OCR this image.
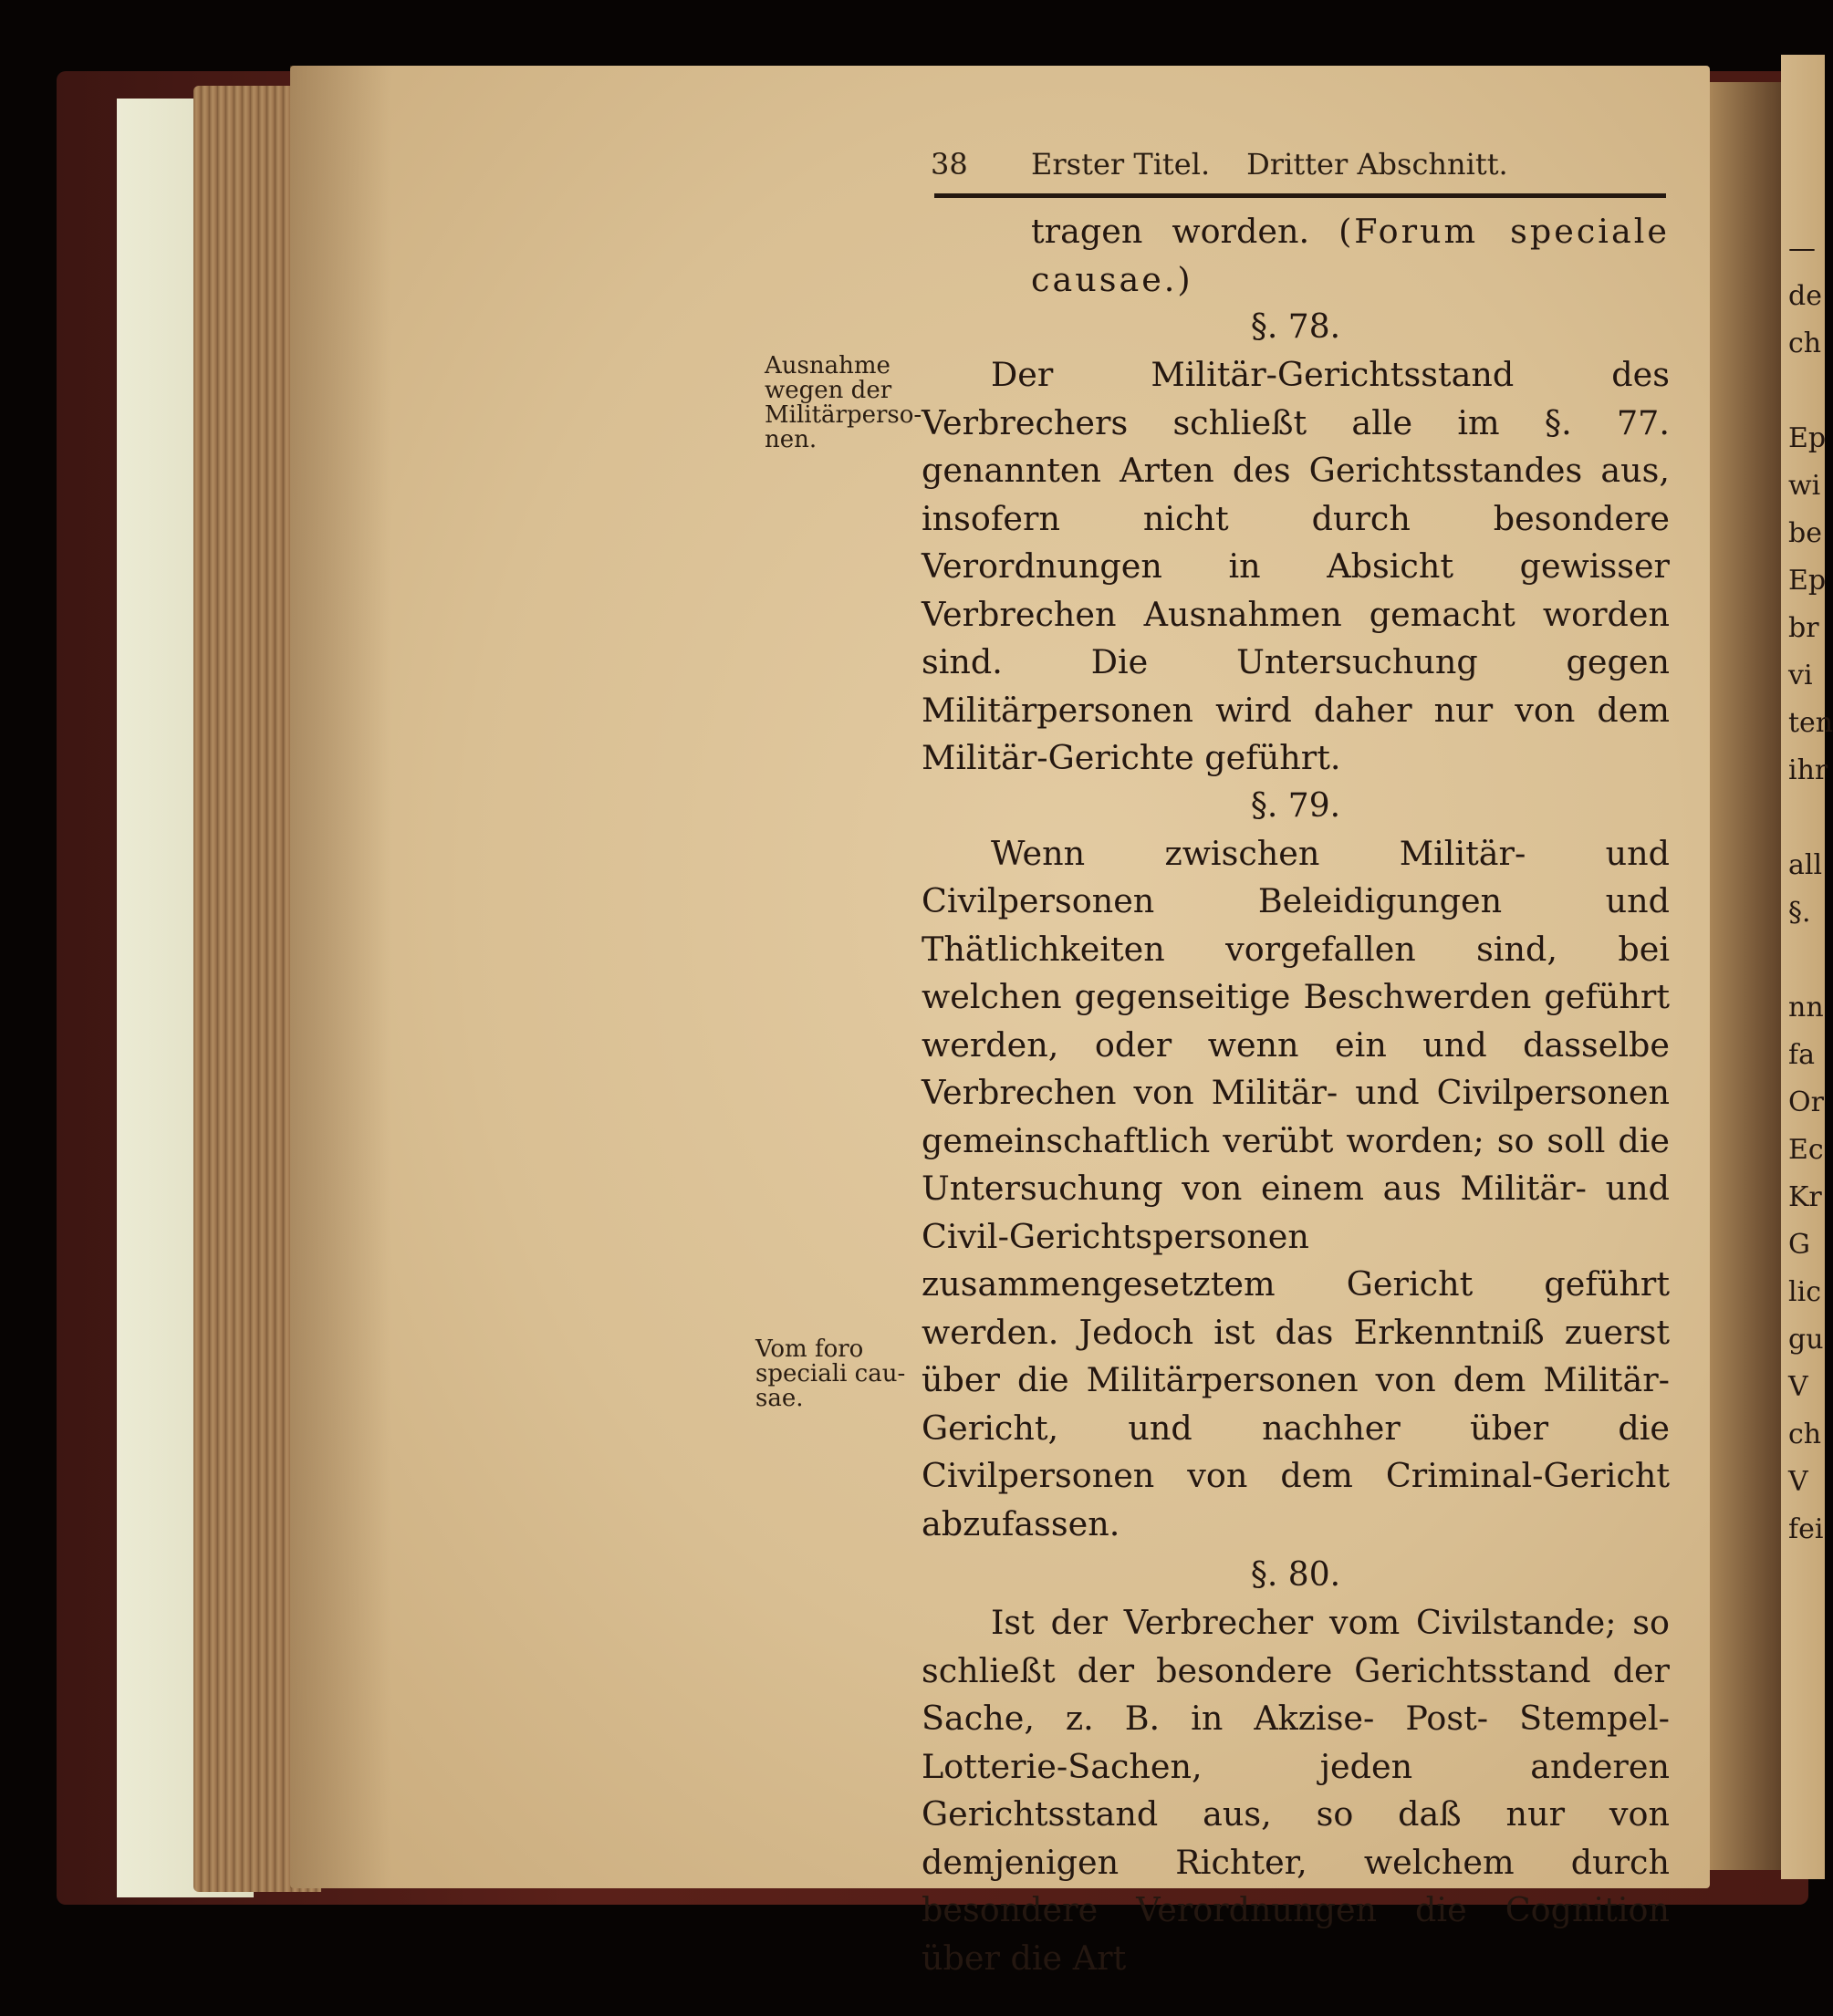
38	Erster Titel. Dritter Abschnitt.

tragen worden. (Forum speciale causae.)

§. 78.

Der Militär-Gerichtsstand des Verbrechers schließt alle im §. 77. genannten Arten des Gerichtsstandes aus, insofern nicht durch besondere Verordnungen in Absicht gewisser Verbrechen Ausnahmen gemacht worden sind. Die Untersuchung gegen Militärpersonen wird daher nur von dem Militär-Gerichte geführt.

§. 79.

Wenn zwischen Militär- und Civilpersonen Beleidigungen und Thätlichkeiten vorgefallen sind, bei welchen gegenseitige Beschwerden geführt werden, oder wenn ein und dasselbe Verbrechen von Militär- und Civilpersonen gemeinschaftlich verübt worden; so soll die Untersuchung von einem aus Militär- und Civil-Gerichtspersonen zusammengesetztem Gericht geführt werden. Jedoch ist das Erkenntniß zuerst über die Militärpersonen von dem Militär-Gericht, und nachher über die Civilpersonen von dem Criminal-Gericht abzufassen.

§. 80.

Ist der Verbrecher vom Civilstande; so schließt der besondere Gerichtsstand der Sache, z. B. in Akzise- Post- Stempel- Lotterie-Sachen, jeden anderen Gerichtsstand aus, so daß nur von demjenigen Richter, welchem durch besondere Verordnungen die Cognition über die Art

Ausnahme
wegen der
Militärperso-
nen.
Vom foro
speciali cau-
sae.
—
de
ch
Ep
wi
be
Ep
br
vi
ten
ihr
all
§.
nn
fa
Or
Ec
Kr
G
lic
gu
V
ch
V
fei
